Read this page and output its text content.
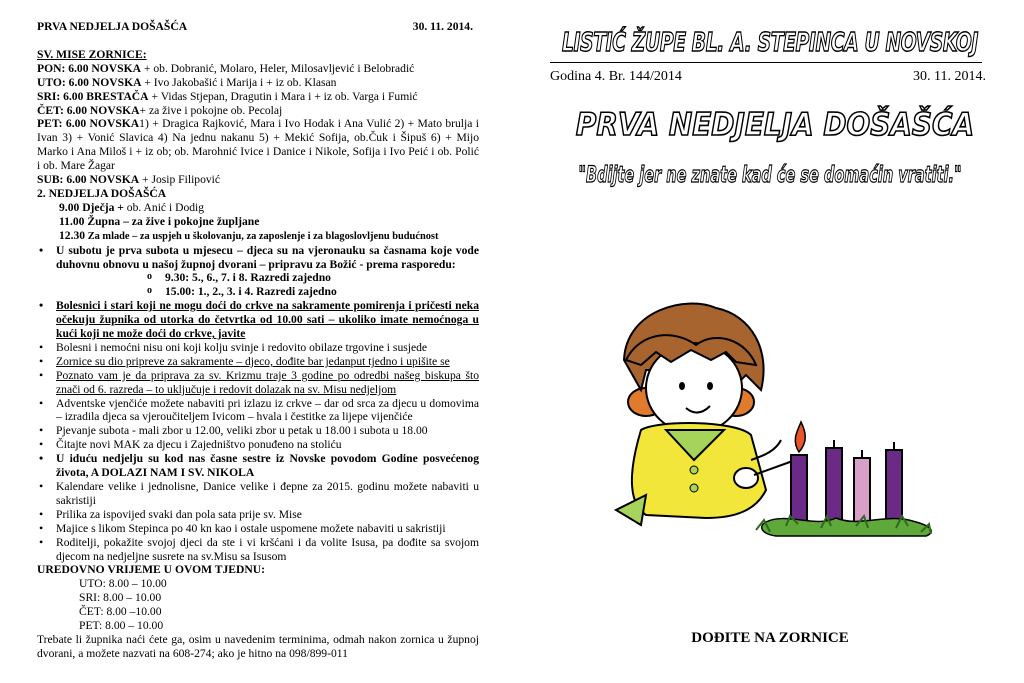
PRVA NEDJELJA DOŠAŠĆA	30. 11. 2014.
SV. MISE ZORNICE:
PON: 6.00 NOVSKA + ob. Dobranić, Molaro, Heler, Milosavljević i Belobradić
UTO: 6.00 NOVSKA + Ivo Jakobašić i Marija i + iz ob. Klasan
SRI: 6.00 BRESTAČA + Vidas Stjepan, Dragutin i Mara i + iz ob. Varga i Fumić
ČET: 6.00 NOVSKA+ za žive i pokojne ob. Pecolaj
PET: 6.00 NOVSKA1) + Dragica Rajković, Mara i Ivo Hodak i Ana Vulić 2) + Mato brulja i Ivan 3) + Vonić Slavica 4) Na jednu nakanu 5) + Mekić Sofija, ob.Čuk i Šipuš 6) + Mijo Marko i Ana Miloš i + iz ob; ob. Marohnić Ivice i Danice i Nikole, Sofija i Ivo Peić i ob. Polić i ob. Mare Žagar
SUB: 6.00 NOVSKA + Josip Filipović
2. NEDJELJA DOŠAŠĆA
9.00 Dječja + ob. Anić i Dodig
11.00 Župna – za žive i pokojne župljane
12.30 Za mlade – za uspjeh u školovanju, za zaposlenje i za blagoslovljenu budućnost
• U subotu je prva subota u mjesecu – djeca su na vjeronauku sa časnama koje vode duhovnu obnovu u našoj župnoj dvorani – pripravu za Božić - prema rasporedu:
o 9.30: 5., 6., 7. i 8. Razredi zajedno
o 15.00: 1., 2., 3. i 4. Razredi zajedno
• Bolesnici i stari koji ne mogu doći do crkve na sakramente pomirenja i pričesti neka očekuju župnika od utorka do četvrtka od 10.00 sati – ukoliko imate nemoćnoga u kući koji ne može doći do crkve, javite
• Bolesni i nemoćni nisu oni koji kolju svinje i redovito obilaze trgovine i susjede
• Zornice su dio pripreve za sakramente – djeco, dođite bar jedanput tjedno i upišite se
• Poznato vam je da priprava za sv. Krizmu traje 3 godine po odredbi našeg biskupa što znači od 6. razreda – to uključuje i redovit dolazak na sv. Misu nedjeljom
• Adventske vjenčiće možete nabaviti pri izlazu iz crkve – dar od srca za djecu u domovima – izradila djeca sa vjeroučiteljem Ivicom – hvala i čestitke za lijepe vijenčiće
• Pjevanje subota - mali zbor u 12.00, veliki zbor u petak u 18.00 i subota u 18.00
• Čitajte novi MAK za djecu i Zajedništvo ponuđeno na stoliću
• U iduću nedjelju su kod nas časne sestre iz Novske povodom Godine posvećenog života, A DOLAZI NAM I SV. NIKOLA
• Kalendare velike i jednolisne, Danice velike i đepne za 2015. godinu možete nabaviti u sakristiji
• Prilika za ispovijed svaki dan pola sata prije sv. Mise
• Majice s likom Stepinca po 40 kn kao i ostale uspomene možete nabaviti u sakristiji
• Roditelji, pokažite svojoj djeci da ste i vi kršćani i da volite Isusa, pa dođite sa svojom djecom na nedjeljne susrete na sv.Misu sa Isusom
UREDOVNO VRIJEME U OVOM TJEDNU:
UTO: 8.00 – 10.00
SRI: 8.00 – 10.00
ČET: 8.00 –10.00
PET: 8.00 – 10.00
Trebate li župnika naći ćete ga, osim u navedenim terminima, odmah nakon zornica u župnoj dvorani, a možete nazvati na 608-274; ako je hitno na 098/899-011
LISTIĆ ŽUPE BL. A. STEPINCA U NOVSKOJ
Godina 4. Br. 144/2014	30. 11. 2014.
PRVA NEDJELJA DOŠAŠĆA
"Bdijte jer ne znate kad će se domaćin vratiti."
DOĐITE NA ZORNICE
